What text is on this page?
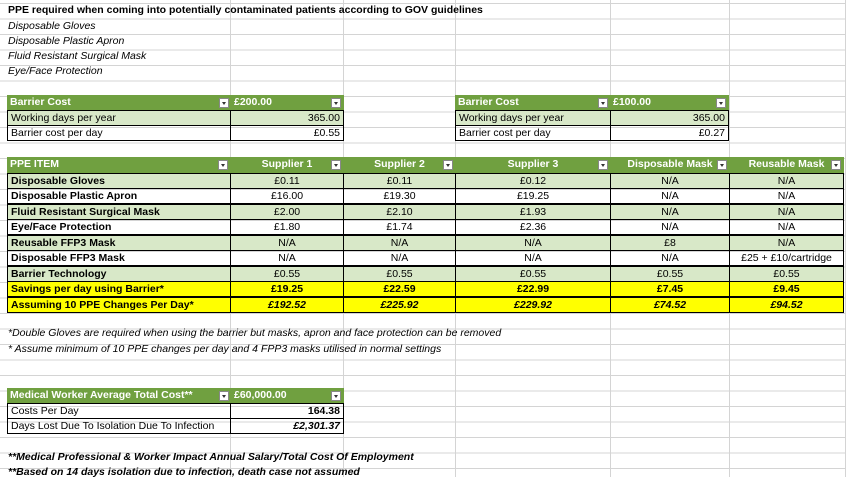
PPE required when coming into potentially contaminated patients according to GOV guidelines
Disposable Gloves
Disposable Plastic Apron
Fluid Resistant Surgical Mask
Eye/Face Protection
Barrier Cost	£200.00
Working days per year	365.00
Barrier cost per day	£0.55
Barrier Cost	£100.00
Working days per year	365.00
Barrier cost per day	£0.27
PPE ITEM	Supplier 1	Supplier 2	Supplier 3	Disposable Mask	Reusable Mask
Disposable Gloves	£0.11	£0.11	£0.12	N/A	N/A
Disposable Plastic Apron	£16.00	£19.30	£19.25	N/A	N/A
Fluid Resistant Surgical Mask	£2.00	£2.10	£1.93	N/A	N/A
Eye/Face Protection	£1.80	£1.74	£2.36	N/A	N/A
Reusable FFP3 Mask	N/A	N/A	N/A	£8	N/A
Disposable FFP3 Mask	N/A	N/A	N/A	N/A	£25 + £10/cartridge
Barrier Technology	£0.55	£0.55	£0.55	£0.55	£0.55
Savings per day using Barrier*	£19.25	£22.59	£22.99	£7.45	£9.45
Assuming 10 PPE Changes Per Day*	£192.52	£225.92	£229.92	£74.52	£94.52
*Double Gloves are required when using the barrier but masks, apron and face protection can be removed
* Assume minimum of 10 PPE changes per day and 4 FPP3 masks utilised in normal settings
Medical Worker Average Total Cost**	£60,000.00
Costs Per Day	164.38
Days Lost Due To Isolation Due To Infection	£2,301.37
**Medical Professional & Worker Impact Annual Salary/Total Cost Of Employment
**Based on 14 days isolation due to infection, death case not assumed
